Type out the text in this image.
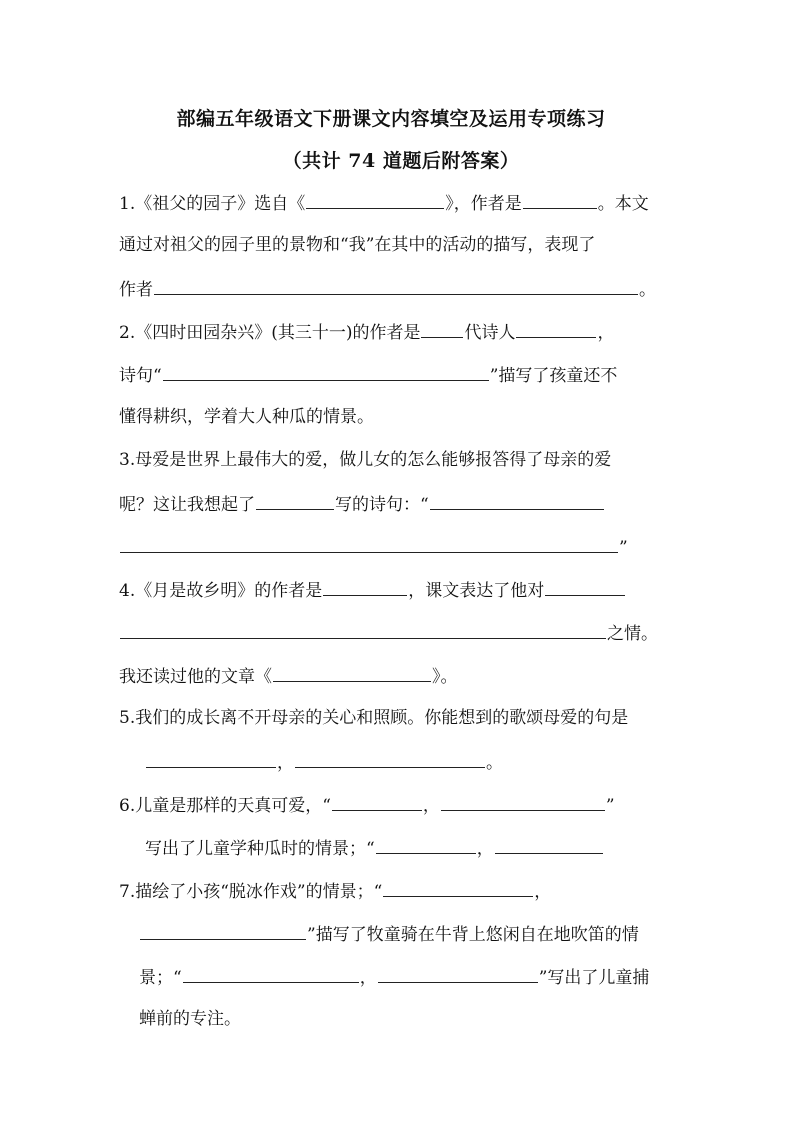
部编五年级语文下册课文内容填空及运用专项练习
（共计 74 道题后附答案）
1.《祖父的园子》选自《	》，作者是	。本文
通过对祖父的园子里的景物和“我”在其中的活动的描写，表现了
作者	。
2.《四时田园杂兴》(其三十一)的作者是	代诗人	，
诗句“	”描写了孩童还不
懂得耕织，学着大人种瓜的情景。
3.母爱是世界上最伟大的爱，做儿女的怎么能够报答得了母亲的爱
呢？这让我想起了	写的诗句：“
”
4.《月是故乡明》的作者是	，课文表达了他对
之情。
我还读过他的文章《	》。
5.我们的成长离不开母亲的关心和照顾。你能想到的歌颂母爱的句是
，	。
6.儿童是那样的天真可爱，“	，	”
写出了儿童学种瓜时的情景；“	，
7.描绘了小孩“脱冰作戏”的情景；“	，
”描写了牧童骑在牛背上悠闲自在地吹笛的情
景；“	，	”写出了儿童捕
蝉前的专注。
